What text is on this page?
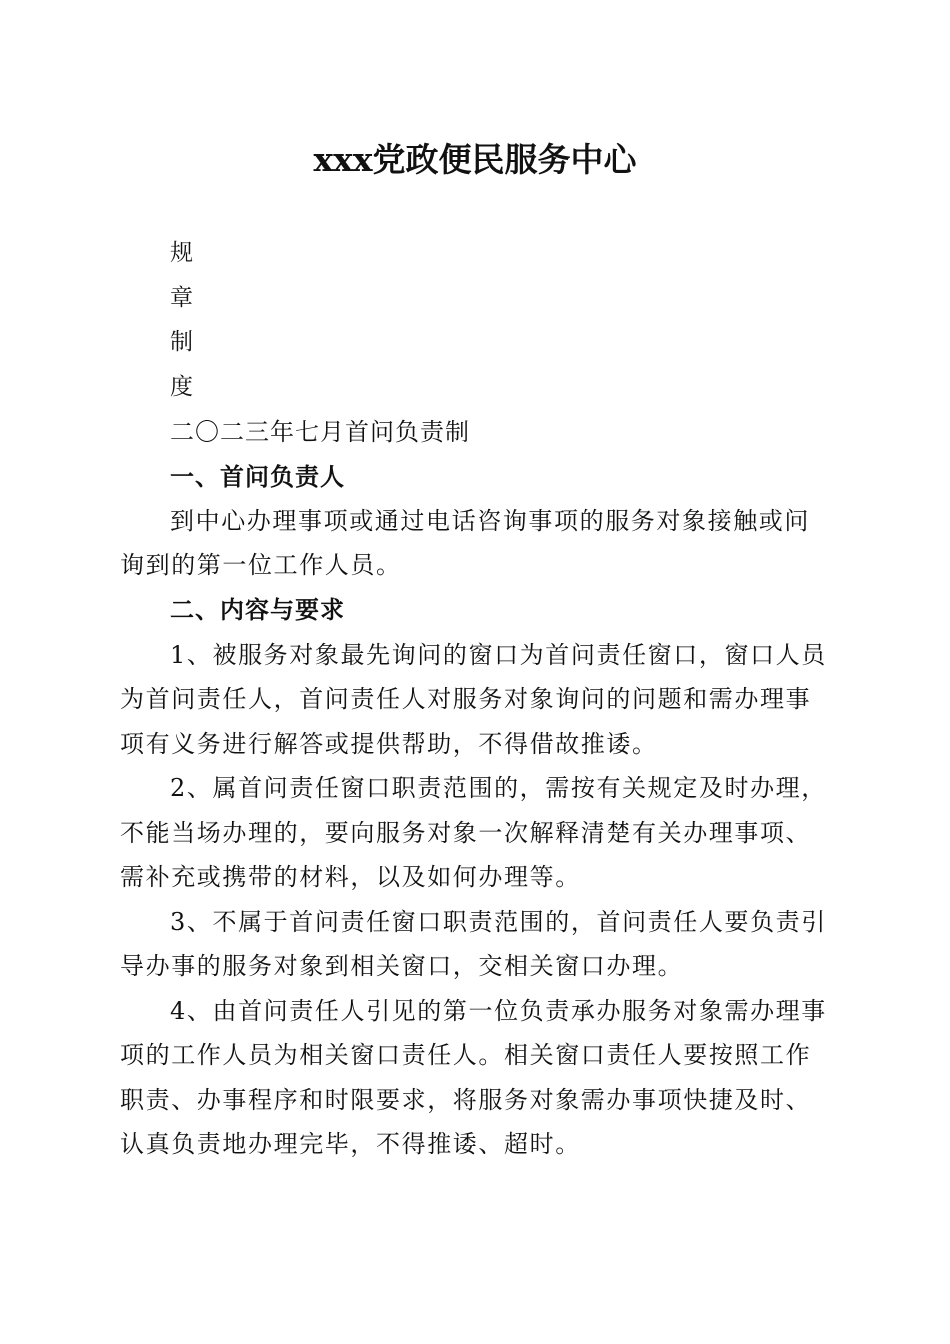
xxx党政便民服务中心
规
章
制
度
二〇二三年七月首问负责制
一、首问负责人
到中心办理事项或通过电话咨询事项的服务对象接触或问
询到的第一位工作人员。
二、内容与要求
1、被服务对象最先询问的窗口为首问责任窗口，窗口人员
为首问责任人，首问责任人对服务对象询问的问题和需办理事
项有义务进行解答或提供帮助，不得借故推诿。
2、属首问责任窗口职责范围的，需按有关规定及时办理，
不能当场办理的，要向服务对象一次解释清楚有关办理事项、
需补充或携带的材料，以及如何办理等。
3、不属于首问责任窗口职责范围的，首问责任人要负责引
导办事的服务对象到相关窗口，交相关窗口办理。
4、由首问责任人引见的第一位负责承办服务对象需办理事
项的工作人员为相关窗口责任人。相关窗口责任人要按照工作
职责、办事程序和时限要求，将服务对象需办事项快捷及时、
认真负责地办理完毕，不得推诿、超时。
